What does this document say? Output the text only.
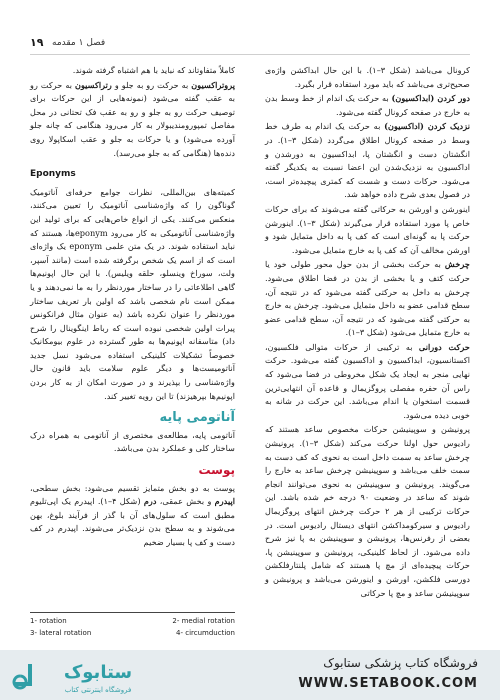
۱۹ فصل ۱ مقدمه

کرونال می‌باشد (شکل ۳–۱). با این حال ابداکشن واژه‌ی صحیح‌تری می‌باشد که باید مورد استفاده قرار بگیرد.

دور کردن (ابداکسیون) به حرکت یک اندام از خط وسط بدن به خارج در صفحه کرونال گفته می‌شود.

نزدیک کردن (اداکسیون) به حرکت یک اندام به طرف خط وسط در صفحه کرونال اطلاق می‌گردد (شکل ۳–۱). در انگشتان دست و انگشتان پا، ابداکسیون به دورشدن و اداکسیون به نزدیک‌شدن این اعضا نسبت به یکدیگر گفته می‌شود. حرکات دست و شست که کمتری پیچیده‌تر است، در فصول بعدی شرح داده خواهد شد.

اینورشن و اورشن به حرکاتی گفته می‌شوند که برای حرکات خاص پا مورد استفاده قرار می‌گیرند (شکل ۳–۱). اینورشن حرکت پا به گونه‌ای است که کف پا به داخل متمایل شود و اورشن مخالف آن که کف پا به خارج متمایل می‌شود.

چرخش به حرکت بخشی از بدن حول محور طولی خود یا حرکت کتف و یا بخشی از بدن در فضا اطلاق می‌شود. چرخش به داخل به حرکتی گفته می‌شود که در نتیجه آن، سطح قدامی عضو به داخل متمایل می‌شود. چرخش به خارج به حرکتی گفته می‌شود که در نتیجه آن، سطح قدامی عضو به خارج متمایل می‌شود (شکل ۳–۱).

حرکت دورانی به ترکیبی از حرکات متوالی فلکسیون، اکستانسیون، ابداکسیون و اداکسیون گفته می‌شود. حرکت نهایی منجر به ایجاد یک شکل مخروطی در فضا می‌شود که راس آن حفره مفصلی پروگزیمال و قاعده آن انتهایی‌ترین قسمت استخوان یا اندام می‌باشد. این حرکت در شانه به خوبی دیده می‌شود.

پرونیشن و سوپینیشن حرکات مخصوص ساعد هستند که رادیوس حول اولنا حرکت می‌کند (شکل ۳–۱). پرونیشن چرخش ساعد به سمت داخل است به نحوی که کف دست به سمت خلف می‌باشد و سوپینیشن چرخش ساعد به خارج را می‌گویند. پرونیشن و سوپینیشن به نحوی می‌توانند انجام شوند که ساعد در وضعیت ۹۰ درجه خم شده باشد. این حرکات ترکیبی از هر ۲ حرکت چرخش انتهای پروگزیمال رادیوس و سیرکومداکشن انتهای دیستال رادیوس است. در بعضی از رفرنس‌ها، پرونیشن و سوپینیشن به پا نیز شرح داده می‌شود. از لحاظ کلینیکی، پرونیشن و سوپینیشن پا، حرکات پیچیده‌ای از مچ پا هستند که شامل پلنتارفلکشن دورسی فلکشن، اورشن و اینورشن می‌باشد و پرونیشن و سوپینیشن ساعد و مچ پا حرکاتی

کاملاً متفاوتاند که نباید با هم اشتباه گرفته شوند.

پروتراکسیون به حرکت رو به جلو و رتراکسیون به حرکت رو به عقب گفته می‌شود (نمونه‌هایی از این حرکات برای توصیف حرکت رو به جلو و رو به عقب فک تحتانی در محل مفاصل تمپورومندیبولار به کار می‌رود هنگامی که چانه جلو آورده می‌شود) و یا حرکات به جلو و عقب اسکاپولا روی دنده‌ها (هنگامی که به جلو می‌رسد).

Eponyms

کمیته‌های بین‌المللی، نظرات جوامع حرفه‌ای آناتومیک گوناگون را که واژه‌شناسی آناتومیک را تعیین می‌کنند، منعکس می‌کنند. یکی از انواع خاص‌هایی که برای تولید این واژه‌شناسی آناتومیکی به کار می‌رود eponymها، هستند که نباید استفاده شوند. در یک متن علمی eponym یک واژه‌ای است که از اسم یک شخص برگرفته شده است (مانند آسپر، ولت، سوراخ وینسلو، حلقه ویلیس). با این حال اپونیم‌ها گاهی اطلاعاتی را در ساختار موردنظر را به ما نمی‌دهند و یا ممکن است نام شخصی باشد که اولین بار تعریف ساختار موردنظر را عنوان نکرده باشد (به عنوان مثال فرانکونس پیرات اولین شخصی نبوده است که رباط اینگوینال را شرح داد) متاسفانه اپونیم‌ها به طور گسترده در علوم بیومکانیک خصوصاً تشکیلات کلینیکی استفاده می‌شود نسل جدید آناتومیست‌ها و دیگر علوم سلامت باید قانون حال واژه‌شناسی را بپذیرند و در صورت امکان از به کار بردن اپونیم‌ها بپرهیزند) تا این رویه تغییر کند.

آناتومی پایه

آناتومی پایه، مطالعه‌ی مختصری از آناتومی به همراه درک ساختار کلی و عملکرد بدن می‌باشد.

پوست

پوست به دو بخش متمایز تقسیم می‌شود: بخش سطحی، اپیدرم و بخش عمقی، درم (شکل ۴–۱). اپیدرم یک اپی‌تلیوم مطبق است که سلول‌های آن با گذر از فرآیند بلوغ، بهن می‌شوند و به سطح بدن نزدیک‌تر می‌شوند. اپیدرم در کف دست و کف پا بسیار ضخیم

1- rotation	2- medial rotation
3- lateral rotation	4- circumduction
ستابوک
فروشگاه اینترنتی کتاب
فروشگاه کتاب پزشکی ستابوک
WWW.SETABOOK.COM
